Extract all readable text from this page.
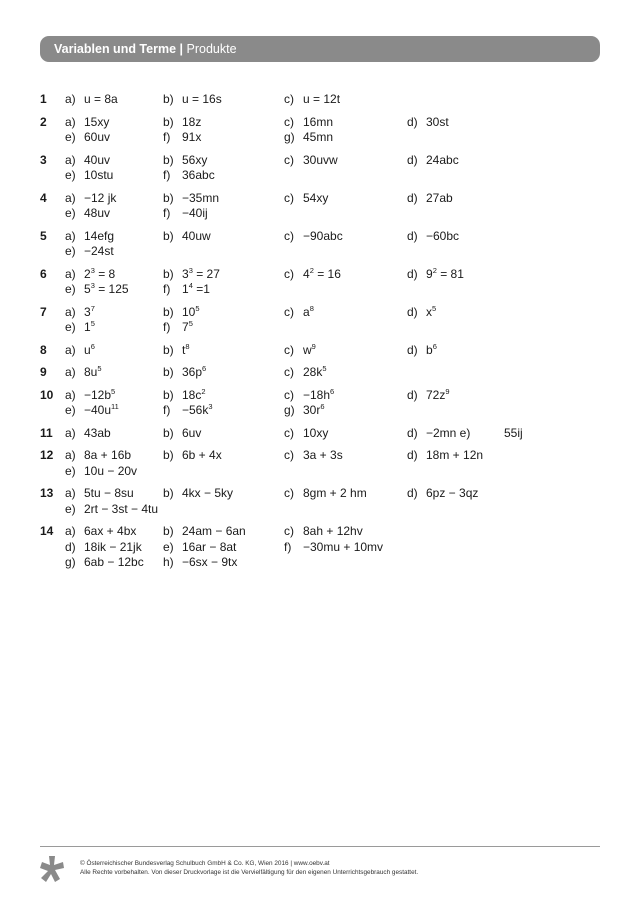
Variablen und Terme | Produkte
1	a) u = 8a	b) u = 16s	c) u = 12t
2	a) 15xy	b) 18z	c) 16mn	d) 30st
e) 60uv	f) 91x	g) 45mn
3	a) 40uv	b) 56xy	c) 30uvw	d) 24abc
e) 10stu	f) 36abc
4	a) −12 jk	b) −35mn	c) 54xy	d) 27ab
e) 48uv	f) −40ij
5	a) 14efg	b) 40uw	c) −90abc	d) −60bc
e) −24st
6	a) $2^3 = 8$	b) $3^3 = 27$	c) $4^2 = 16$	d) $9^2 = 81$
e) $5^3 = 125$	f) $1^4 =1$
7	a) $3^7$	b) $10^5$	c) $a^8$	d) $x^5$
e) $1^5$	f) $7^5$
8	a) $u^6$	b) $t^8$	c) $w^9$	d) $b^6$
9	a) $8u^5$	b) $36p^6$	c) $28k^5$
10 $a) -12b^5$	b) $18c^2$	$c) -18h^6$	d) $72z^9$
$e) -40u^{11}$	$f) -56k^3$	g) $30r^6$
11	a) 43ab	b) 6uv	c) 10xy	d) −2mn e)	55ij
12 a) 8a + 16b	b) 6b + 4x	c) 3a + 3s	d) 18m + 12n
e) 10u − 20v
13 a) 5tu − 8su b) 4kx − 5ky	c) 8gm + 2 hm	d) 6pz − 3qz
e) 2rt − 3st − 4tu
14 a) 6ax + 4bx b) 24am − 6an	c) 8ah + 12hv
d) 18ik − 21jk e) 16ar − 8at	f) −30mu + 10mv
g) 6ab − 12bc h) −6sx − 9tx
© Österreichischer Bundesverlag Schulbuch GmbH & Co. KG, Wien 2016 | www.oebv.at
Alle Rechte vorbehalten. Von dieser Druckvorlage ist die Vervielfältigung für den eigenen Unterrichtsgebrauch gestattet.
